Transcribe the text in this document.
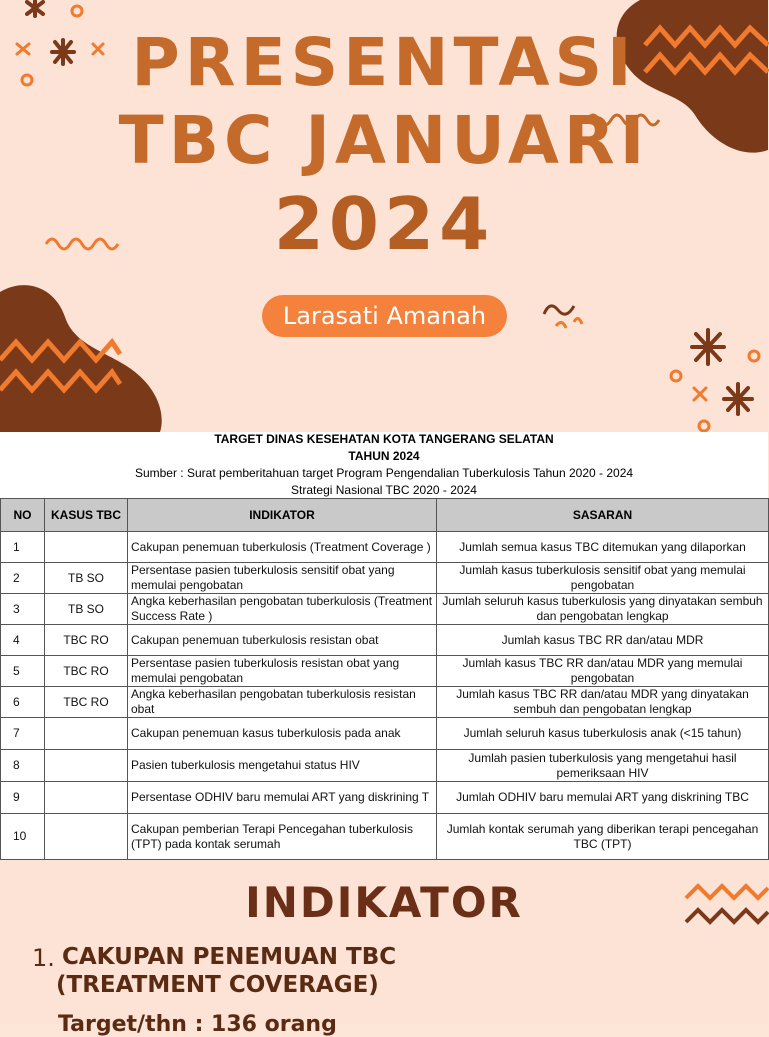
PRESENTASI
TBC JANUARI
2024
Larasati Amanah
TARGET DINAS KESEHATAN KOTA TANGERANG SELATAN
TAHUN 2024
Sumber : Surat pemberitahuan target Program Pengendalian Tuberkulosis Tahun 2020 - 2024
Strategi Nasional TBC 2020 - 2024
NO	KASUS TBC	INDIKATOR	SASARAN
1		Cakupan penemuan tuberkulosis (Treatment Coverage )	Jumlah semua kasus TBC ditemukan yang dilaporkan
2	TB SO	Persentase pasien tuberkulosis sensitif obat yang memulai pengobatan	Jumlah kasus tuberkulosis sensitif obat yang memulai pengobatan
3	TB SO	Angka keberhasilan pengobatan tuberkulosis (Treatment Success Rate )	Jumlah seluruh kasus tuberkulosis yang dinyatakan sembuh dan pengobatan lengkap
4	TBC RO	Cakupan penemuan tuberkulosis resistan obat	Jumlah kasus TBC RR dan/atau MDR
5	TBC RO	Persentase pasien tuberkulosis resistan obat yang memulai pengobatan	Jumlah kasus TBC RR dan/atau MDR yang memulai pengobatan
6	TBC RO	Angka keberhasilan pengobatan tuberkulosis resistan obat	Jumlah kasus TBC RR dan/atau MDR yang dinyatakan sembuh dan pengobatan lengkap
7		Cakupan penemuan kasus tuberkulosis pada anak	Jumlah seluruh kasus tuberkulosis anak (<15 tahun)
8		Pasien tuberkulosis mengetahui status HIV	Jumlah pasien tuberkulosis yang mengetahui hasil pemeriksaan HIV
9		Persentase ODHIV baru memulai ART yang diskrining T	Jumlah ODHIV baru memulai ART yang diskrining TBC
10		Cakupan pemberian Terapi Pencegahan tuberkulosis (TPT) pada kontak serumah	Jumlah kontak serumah yang diberikan terapi pencegahan TBC (TPT)
INDIKATOR
1. CAKUPAN PENEMUAN TBC
(TREATMENT COVERAGE)
Target/thn : 136 orang
